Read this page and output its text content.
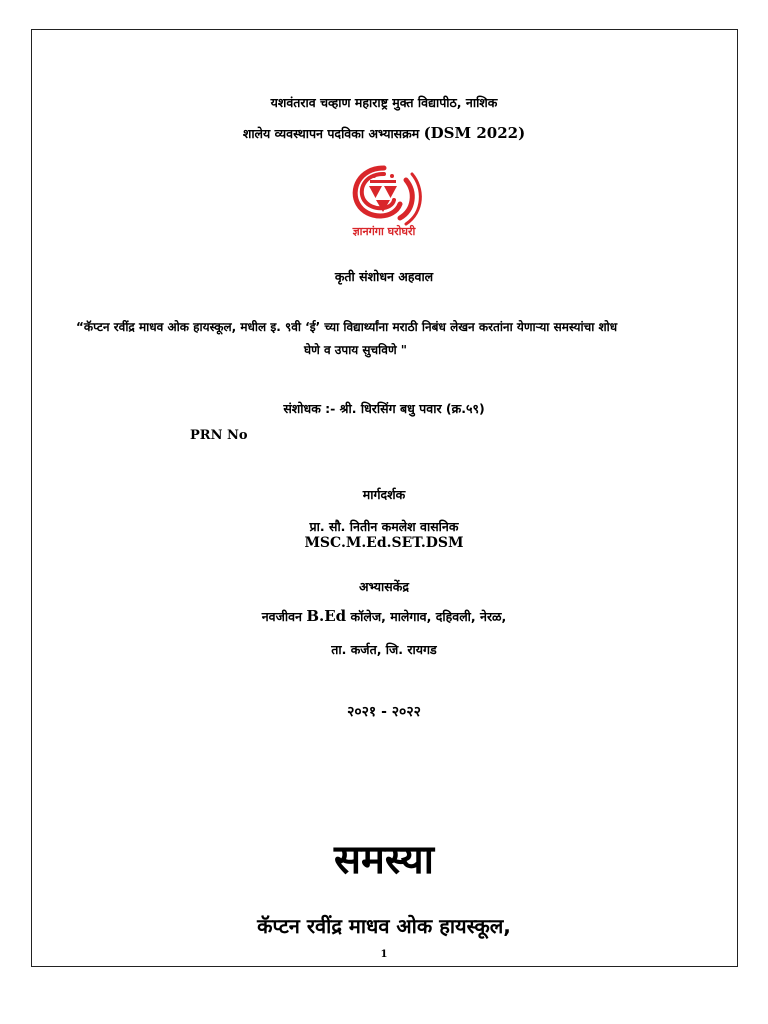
यशवंतराव चव्हाण महाराष्ट्र मुक्त विद्यापीठ, नाशिक
शालेय व्यवस्थापन पदविका अभ्यासक्रम (DSM 2022)
ज्ञानगंगा घरोघरी
कृती संशोधन अहवाल
“कॅप्टन रवींद्र माधव ओक हायस्कूल, मधील इ. ९वी ‘ई’ च्या विद्यार्थ्यांना मराठी निबंध लेखन करतांना येणाऱ्या समस्यांचा शोध
घेणे व उपाय सुचविणे "
संशोधक :- श्री. धिरसिंग बधु पवार (क्र.५९)
PRN No
मार्गदर्शक
प्रा. सौ. नितीन कमलेश वासनिक
MSC.M.Ed.SET.DSM
अभ्यासकेंद्र
नवजीवन B.Ed कॉलेज, मालेगाव, दहिवली, नेरळ,
ता. कर्जत, जि. रायगड
२०२१ - २०२२
समस्या
कॅप्टन रवींद्र माधव ओक हायस्कूल,
1
